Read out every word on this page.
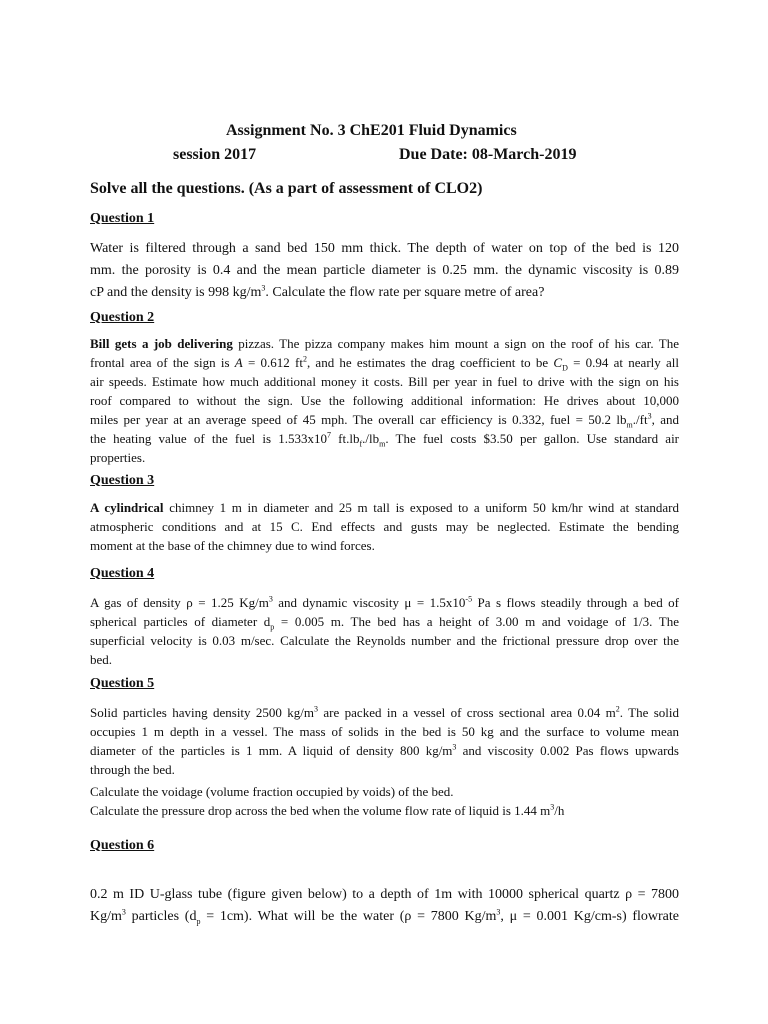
Assignment No. 3 ChE201 Fluid Dynamics
session 2017	Due Date: 08-March-2019
Solve all the questions. (As a part of assessment of CLO2)
Question 1
Water is filtered through a sand bed 150 mm thick. The depth of water on top of the bed is 120
mm. the porosity is 0.4 and the mean particle diameter is 0.25 mm. the dynamic viscosity is 0.89
cP and the density is 998 $kg/m^3$. Calculate the flow rate per square metre of area?
Question 2
Bill gets a job delivering pizzas. The pizza company makes him mount a sign on the roof of his car. The
frontal area of the sign is A = 0.612 $ft^2$, and he estimates the drag coefficient to be $C_D = 0.94$ at nearly all
air speeds. Estimate how much additional money it costs. Bill per year in fuel to drive with the sign on his
roof compared to without the sign. Use the following additional information: He drives about 10,000
miles per year at an average speed of 45 mph. The overall car efficiency is 0.332, fuel = 50.2 $lb_m./ft^3$, and
the heating value of the fuel is $1.533x10^7$ $ft.lb_f./lb_m$. The fuel costs $3.50 per gallon. Use standard air
properties.
Question 3
A cylindrical chimney 1 m in diameter and 25 m tall is exposed to a uniform 50 km/hr wind at standard
atmospheric conditions and at 15 C. End effects and gusts may be neglected. Estimate the bending
moment at the base of the chimney due to wind forces.
Question 4
A gas of density ρ = 1.25 $Kg/m^3$ and dynamic viscosity $\mu = 1.5x10^{-5}$ Pa s flows steadily through a bed of
spherical particles of diameter $d_p = 0.005$ m. The bed has a height of 3.00 m and voidage of 1/3. The
superficial velocity is 0.03 m/sec. Calculate the Reynolds number and the frictional pressure drop over the
bed.
Question 5
Solid particles having density 2500 $kg/m^3$ are packed in a vessel of cross sectional area 0.04 $m^2$. The solid
occupies 1 m depth in a vessel. The mass of solids in the bed is 50 kg and the surface to volume mean
diameter of the particles is 1 mm. A liquid of density 800 $kg/m^3$ and viscosity 0.002 Pas flows upwards
through the bed.
Calculate the voidage (volume fraction occupied by voids) of the bed.
Calculate the pressure drop across the bed when the volume flow rate of liquid is 1.44 $m^3/h$
Question 6
0.2 m ID U-glass tube (figure given below) to a depth of 1m with 10000 spherical quartz ρ = 7800
$Kg/m^3$ particles $(d_p = 1cm)$. What will be the water (ρ = 7800 $Kg/m^3$, μ = 0.001 Kg/cm-s) flowrate
